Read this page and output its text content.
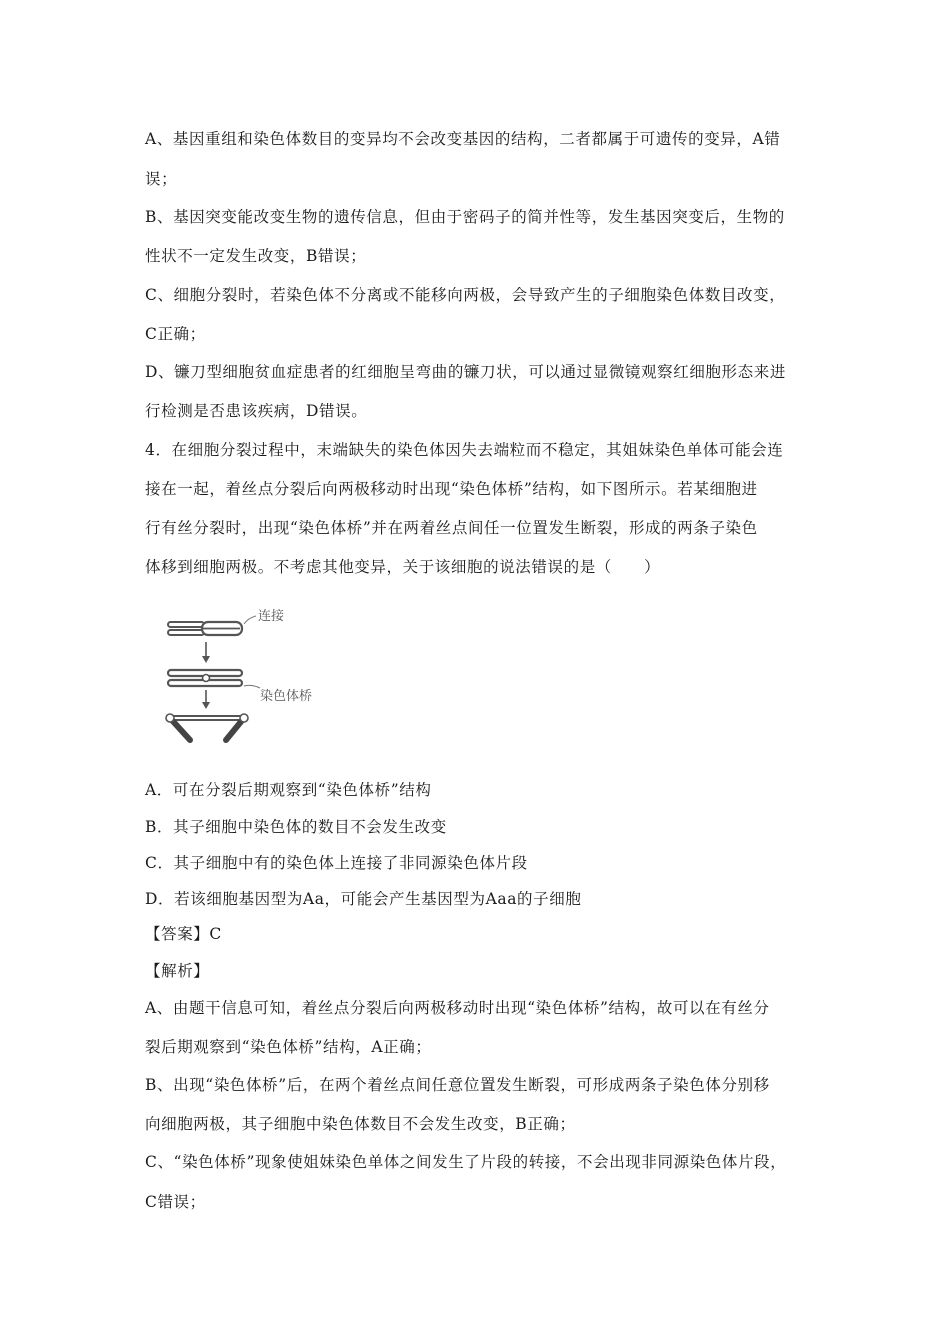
A、基因重组和染色体数目的变异均不会改变基因的结构，二者都属于可遗传的变异，A错
误；
B、基因突变能改变生物的遗传信息，但由于密码子的简并性等，发生基因突变后，生物的
性状不一定发生改变，B错误；
C、细胞分裂时，若染色体不分离或不能移向两极，会导致产生的子细胞染色体数目改变，
C正确；
D、镰刀型细胞贫血症患者的红细胞呈弯曲的镰刀状，可以通过显微镜观察红细胞形态来进
行检测是否患该疾病，D错误。
4．在细胞分裂过程中，末端缺失的染色体因失去端粒而不稳定，其姐妹染色单体可能会连
接在一起，着丝点分裂后向两极移动时出现“染色体桥”结构，如下图所示。若某细胞进
行有丝分裂时，出现“染色体桥”并在两着丝点间任一位置发生断裂，形成的两条子染色
体移到细胞两极。不考虑其他变异，关于该细胞的说法错误的是（　　）
连接
染色体桥
A．可在分裂后期观察到“染色体桥”结构
B．其子细胞中染色体的数目不会发生改变
C．其子细胞中有的染色体上连接了非同源染色体片段
D．若该细胞基因型为Aa，可能会产生基因型为Aaa的子细胞
【答案】C
【解析】
A、由题干信息可知，着丝点分裂后向两极移动时出现“染色体桥”结构，故可以在有丝分
裂后期观察到“染色体桥”结构，A正确；
B、出现“染色体桥”后，在两个着丝点间任意位置发生断裂，可形成两条子染色体分别移
向细胞两极，其子细胞中染色体数目不会发生改变，B正确；
C、“染色体桥”现象使姐妹染色单体之间发生了片段的转接，不会出现非同源染色体片段，
C错误；
